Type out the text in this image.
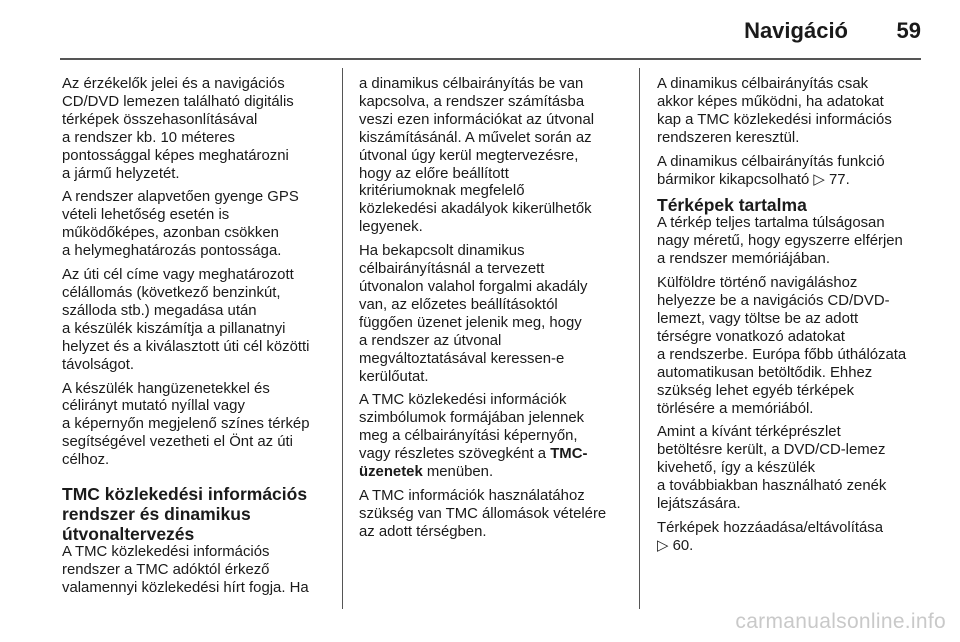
Navigáció 59

Az érzékelők jelei és a navigációs
CD/DVD lemezen található digitális
térképek összehasonlításával
a rendszer kb. 10 méteres
pontossággal képes meghatározni
a jármű helyzetét.

A rendszer alapvetően gyenge GPS
vételi lehetőség esetén is
működőképes, azonban csökken
a helymeghatározás pontossága.

Az úti cél címe vagy meghatározott
célállomás (következő benzinkút,
szálloda stb.) megadása után
a készülék kiszámítja a pillanatnyi
helyzet és a kiválasztott úti cél közötti
távolságot.

A készülék hangüzenetekkel és
célirányt mutató nyíllal vagy
a képernyőn megjelenő színes térkép
segítségével vezetheti el Önt az úti
célhoz.

TMC közlekedési információs
rendszer és dinamikus
útvonaltervezés

A TMC közlekedési információs
rendszer a TMC adóktól érkező
valamennyi közlekedési hírt fogja. Ha

a dinamikus célbairányítás be van
kapcsolva, a rendszer számításba
veszi ezen információkat az útvonal
kiszámításánál. A művelet során az
útvonal úgy kerül megtervezésre,
hogy az előre beállított
kritériumoknak megfelelő
közlekedési akadályok kikerülhetők
legyenek.

Ha bekapcsolt dinamikus
célbairányításnál a tervezett
útvonalon valahol forgalmi akadály
van, az előzetes beállításoktól
függően üzenet jelenik meg, hogy
a rendszer az útvonal
megváltoztatásával keressen-e
kerülőutat.

A TMC közlekedési információk
szimbólumok formájában jelennek
meg a célbairányítási képernyőn,
vagy részletes szövegként a TMC-
üzenetek menüben.

A TMC információk használatához
szükség van TMC állomások vételére
az adott térségben.

A dinamikus célbairányítás csak
akkor képes működni, ha adatokat
kap a TMC közlekedési információs
rendszeren keresztül.

A dinamikus célbairányítás funkció
bármikor kikapcsolható ▷ 77.

Térképek tartalma

A térkép teljes tartalma túlságosan
nagy méretű, hogy egyszerre elférjen
a rendszer memóriájában.

Külföldre történő navigáláshoz
helyezze be a navigációs CD/DVD-
lemezt, vagy töltse be az adott
térségre vonatkozó adatokat
a rendszerbe. Európa főbb úthálózata
automatikusan betöltődik. Ehhez
szükség lehet egyéb térképek
törlésére a memóriából.

Amint a kívánt térképrészlet
betöltésre került, a DVD/CD-lemez
kivehető, így a készülék
a továbbiakban használható zenék
lejátszására.

Térképek hozzáadása/eltávolítása
▷ 60.

carmanualsonline.info
